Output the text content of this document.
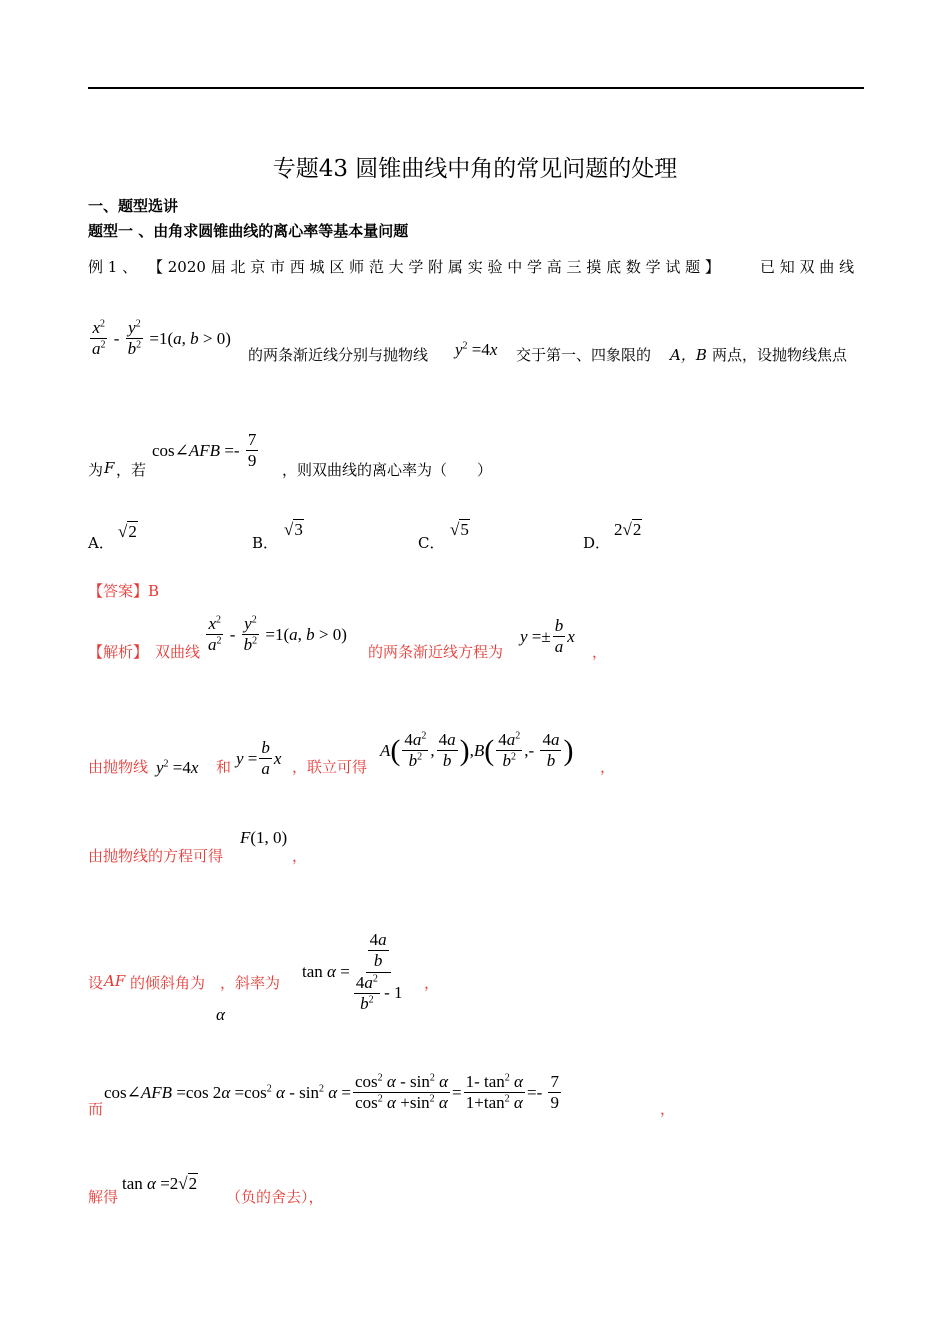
专题43 圆锥曲线中角的常见问题的处理
一、题型选讲
题型一 、由角求圆锥曲线的离心率等基本量问题
例 1 、 【 2020 届 北 京 市 西 城 区 师 范 大 学 附 属 实 验 中 学 高 三 摸 底 数 学 试 题 】	已 知 双 曲 线
$\frac{x^2}{a^2} - \frac{y^2}{b^2} =1(a$, b > 0)
的两条渐近线分别与抛物线 $y^2 =4x$ 交于第一、四象限的 A，B 两点，设抛物线焦点
为 F ，若
cos∠AFB =- $\frac{7}{9}$ ，则双曲线的离心率为（　　）
A．
√2
B．
√3
C．
√5
D．
2√2
【答案】B
【解析】 双曲线 $\frac{x^2}{a^2} - \frac{y^2}{b^2} =1(a$, b > 0)
的两条渐近线方程为
$y =\pm \frac{b}{a}$ x
，
由抛物线 $y^2 =4x$ 和 $y = \frac{b}{a}$ x ，联立可得
A ( $\frac{4a^2}{b^2}$ , $\frac{4a}{b}$ ) ,B ( $\frac{4a^2}{b^2}$ ,- $\frac{4a}{b}$ )
，
由抛物线的方程可得
F(1, 0)
，
设 AF 的倾斜角为　，斜率为
α
$\tan \alpha = \frac{\frac{4a}{b}}{\frac{4a^2}{b^2} - 1}$ ，
而
cos∠AFB =cos $2\alpha =\cos^2$ $\alpha - \sin^2 \alpha = \frac{\cos^2 \alpha - \sin^2 \alpha}{\cos^2 \alpha +\sin^2 \alpha} = \frac{1- \tan^2 \alpha}{1+\tan^2 \alpha} =- \frac{7}{9}$	，
解得
tan α =2√2
（负的舍去），
